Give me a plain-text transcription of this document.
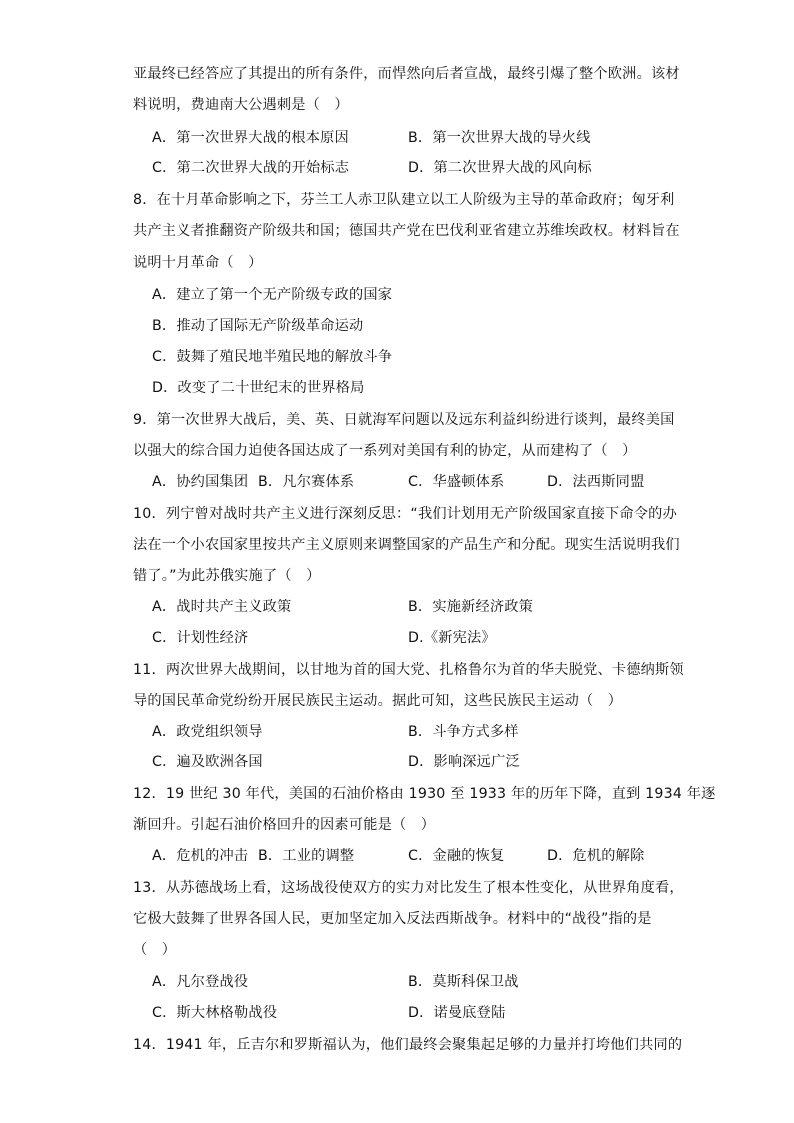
亚最终已经答应了其提出的所有条件，而悍然向后者宣战，最终引爆了整个欧洲。该材
料说明，费迪南大公遇刺是（　）
A．第一次世界大战的根本原因	B．第一次世界大战的导火线
C．第二次世界大战的开始标志	D．第二次世界大战的风向标
8．在十月革命影响之下，芬兰工人赤卫队建立以工人阶级为主导的革命政府；匈牙利
共产主义者推翻资产阶级共和国；德国共产党在巴伐利亚省建立苏维埃政权。材料旨在
说明十月革命（　）
A．建立了第一个无产阶级专政的国家
B．推动了国际无产阶级革命运动
C．鼓舞了殖民地半殖民地的解放斗争
D．改变了二十世纪末的世界格局
9．第一次世界大战后，美、英、日就海军问题以及远东利益纠纷进行谈判，最终美国
以强大的综合国力迫使各国达成了一系列对美国有利的协定，从而建构了（　）
A．协约国集团 B．凡尔赛体系	C．华盛顿体系	D．法西斯同盟
10．列宁曾对战时共产主义进行深刻反思：“我们计划用无产阶级国家直接下命令的办
法在一个小农国家里按共产主义原则来调整国家的产品生产和分配。现实生活说明我们
错了。”为此苏俄实施了（　）
A．战时共产主义政策	B．实施新经济政策
C．计划性经济	D.《新宪法》
11．两次世界大战期间，以甘地为首的国大党、扎格鲁尔为首的华夫脱党、卡德纳斯领
导的国民革命党纷纷开展民族民主运动。据此可知，这些民族民主运动（　）
A．政党组织领导	B．斗争方式多样
C．遍及欧洲各国	D．影响深远广泛
12．19 世纪 30 年代，美国的石油价格由 1930 至 1933 年的历年下降，直到 1934 年逐
渐回升。引起石油价格回升的因素可能是（　）
A．危机的冲击 B．工业的调整	C．金融的恢复	D．危机的解除
13．从苏德战场上看，这场战役使双方的实力对比发生了根本性变化，从世界角度看，
它极大鼓舞了世界各国人民，更加坚定加入反法西斯战争。材料中的“战役”指的是
（　）
A．凡尔登战役	B．莫斯科保卫战
C．斯大林格勒战役	D．诺曼底登陆
14．1941 年，丘吉尔和罗斯福认为，他们最终会聚集起足够的力量并打垮他们共同的
